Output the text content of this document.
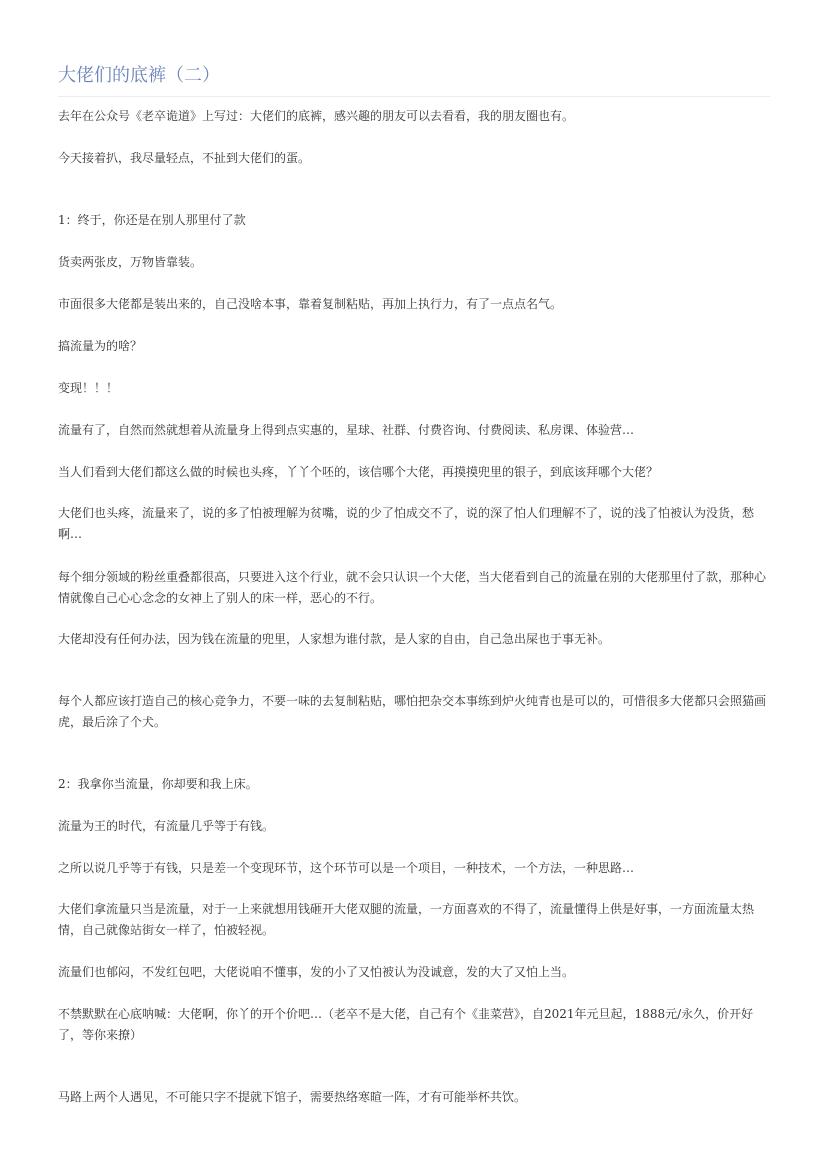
大佬们的底裤（二）

去年在公众号《老卒诡道》上写过：大佬们的底裤，感兴趣的朋友可以去看看，我的朋友圈也有。

今天接着扒，我尽量轻点，不扯到大佬们的蛋。

1：终于，你还是在别人那里付了款

货卖两张皮，万物皆靠装。

市面很多大佬都是装出来的，自己没啥本事，靠着复制粘贴，再加上执行力，有了一点点名气。

搞流量为的啥？

变现！！！

流量有了，自然而然就想着从流量身上得到点实惠的，星球、社群、付费咨询、付费阅读、私房课、体验营…

当人们看到大佬们都这么做的时候也头疼，丫丫个呸的，该信哪个大佬，再摸摸兜里的银子，到底该拜哪个大佬？

大佬们也头疼，流量来了，说的多了怕被理解为贫嘴，说的少了怕成交不了，说的深了怕人们理解不了，说的浅了怕被认为没货，愁啊…

每个细分领域的粉丝重叠都很高，只要进入这个行业，就不会只认识一个大佬，当大佬看到自己的流量在别的大佬那里付了款，那种心情就像自己心心念念的女神上了别人的床一样，恶心的不行。

大佬却没有任何办法，因为钱在流量的兜里，人家想为谁付款，是人家的自由，自己急出屎也于事无补。

每个人都应该打造自己的核心竞争力，不要一味的去复制粘贴，哪怕把杂交本事练到炉火纯青也是可以的，可惜很多大佬都只会照猫画虎，最后涂了个犬。

2：我拿你当流量，你却要和我上床。

流量为王的时代，有流量几乎等于有钱。

之所以说几乎等于有钱，只是差一个变现环节，这个环节可以是一个项目，一种技术，一个方法，一种思路…

大佬们拿流量只当是流量，对于一上来就想用钱砸开大佬双腿的流量，一方面喜欢的不得了，流量懂得上供是好事，一方面流量太热情，自己就像站街女一样了，怕被轻视。

流量们也郁闷，不发红包吧，大佬说咱不懂事，发的小了又怕被认为没诚意，发的大了又怕上当。

不禁默默在心底呐喊：大佬啊，你丫的开个价吧…（老卒不是大佬，自己有个《韭菜营》，自2021年元旦起，1888元/永久，价开好了，等你来撩）

马路上两个人遇见，不可能只字不提就下馆子，需要热络寒暄一阵，才有可能举杯共饮。
